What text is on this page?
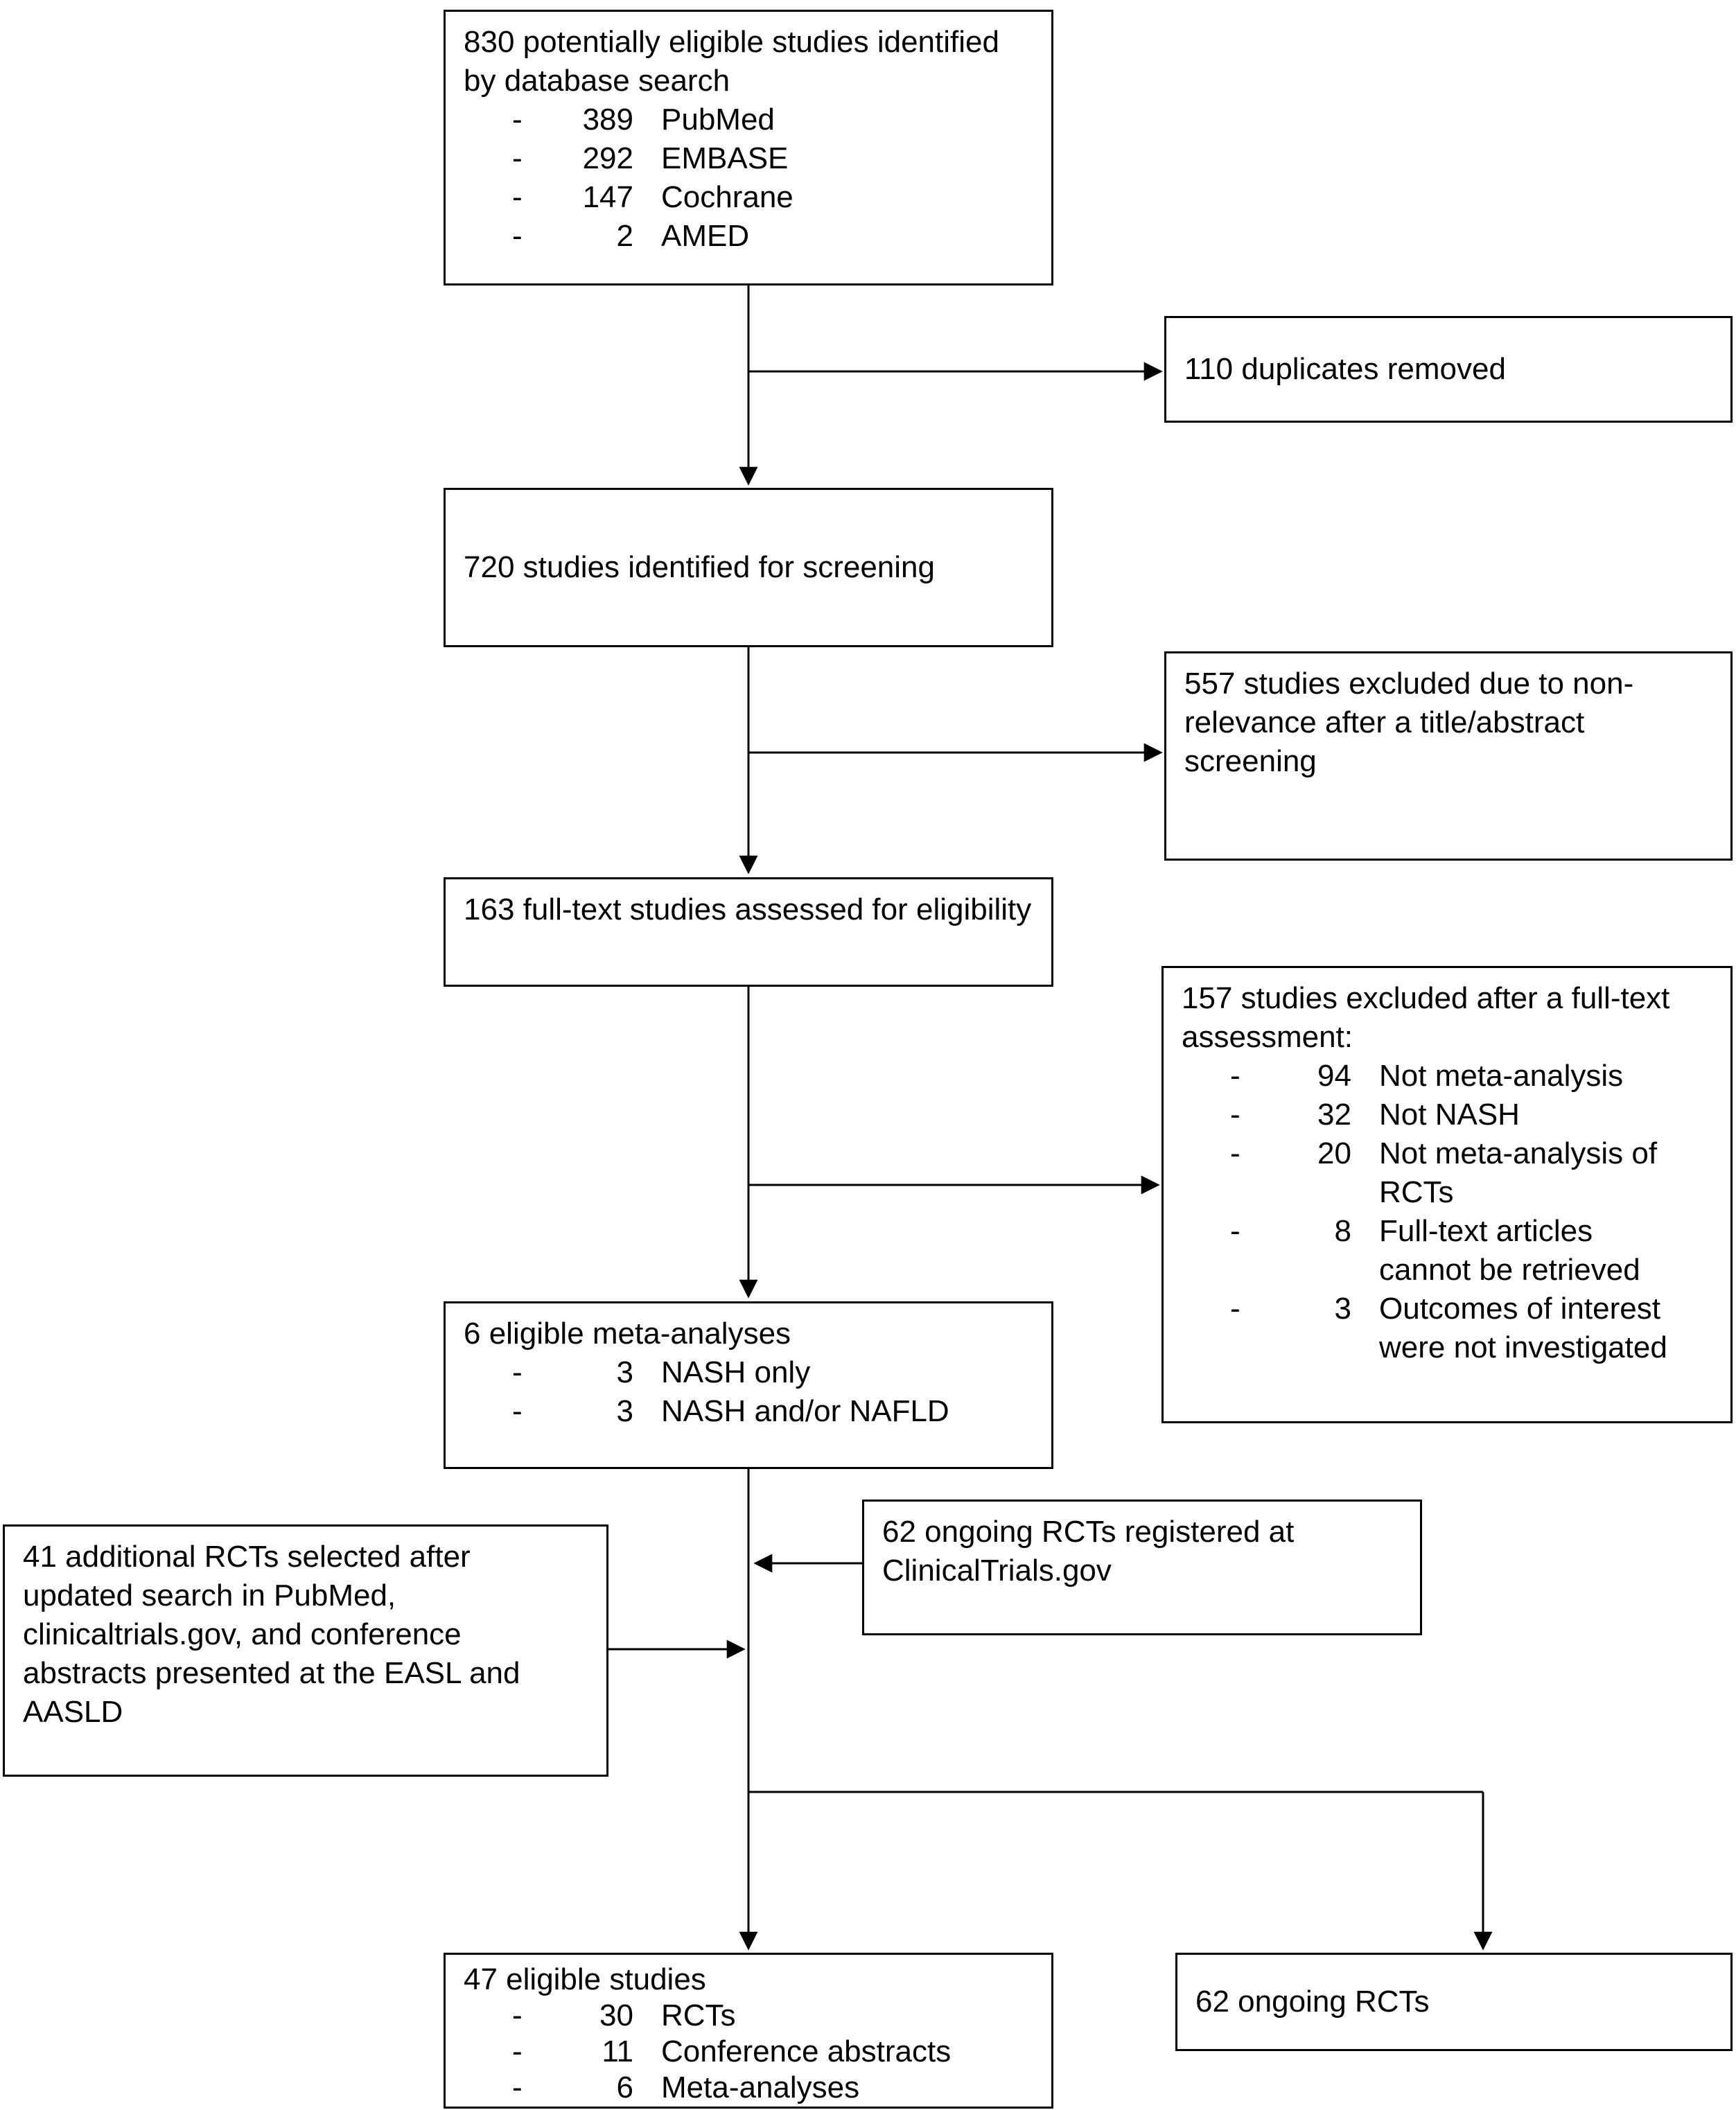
830 potentially eligible studies identified by database search
-	389 PubMed
-	292 EMBASE
-	147 Cochrane
-	2 AMED
110 duplicates removed
720 studies identified for screening
557 studies excluded due to non-relevance after a title/abstract screening
163 full-text studies assessed for eligibility
157 studies excluded after a full-text assessment:
-	94 Not meta-analysis
-	32 Not NASH
-	20 Not meta-analysis of RCTs
-	8 Full-text articles cannot be retrieved
-	3 Outcomes of interest were not investigated
6 eligible meta-analyses
-	3 NASH only
-	3 NASH and/or NAFLD
41 additional RCTs selected after updated search in PubMed, clinicaltrials.gov, and conference abstracts presented at the EASL and AASLD
62 ongoing RCTs registered at ClinicalTrials.gov
47 eligible studies
-	30 RCTs
-	11 Conference abstracts
-	6 Meta-analyses
62 ongoing RCTs
